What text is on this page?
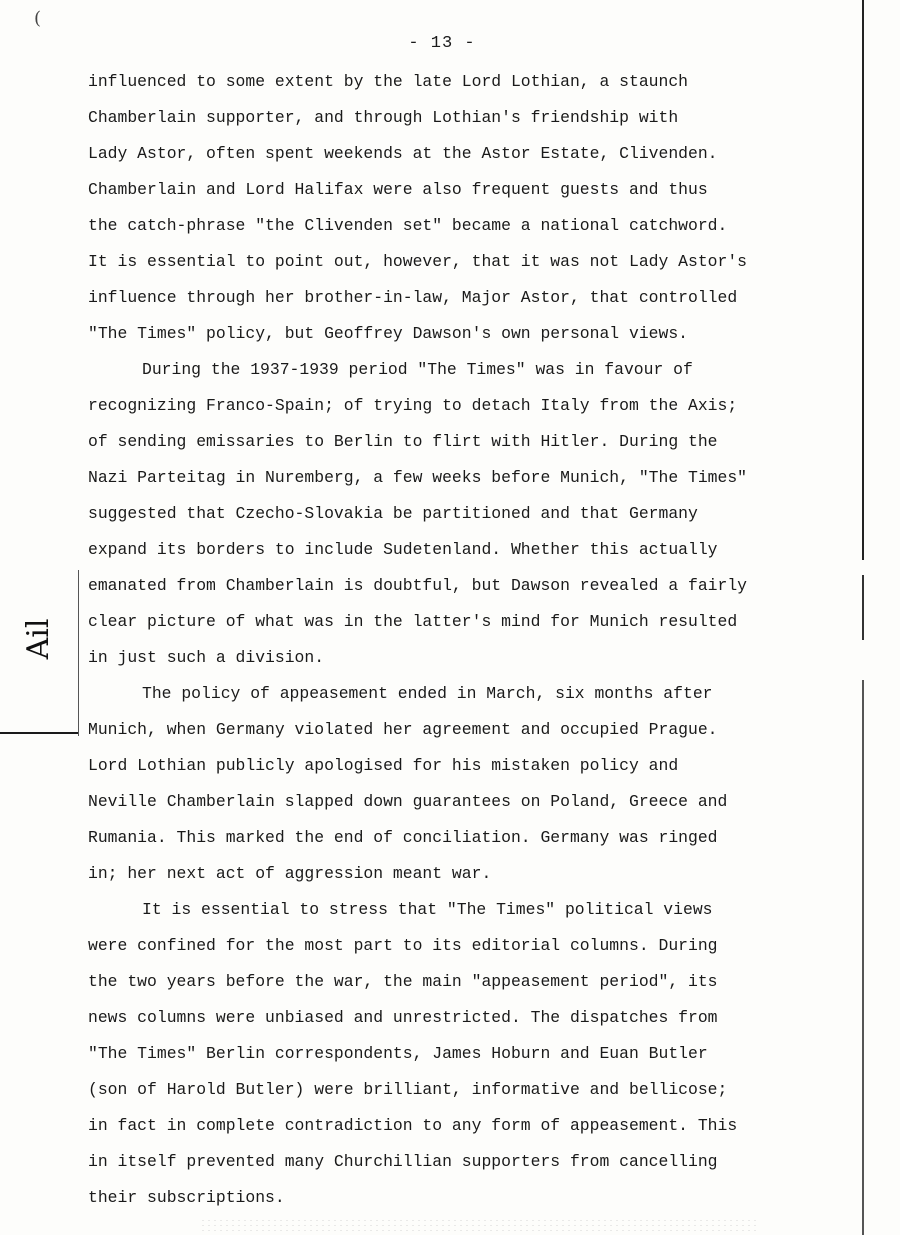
(
- 13 -
Ail
influenced to some extent by the late Lord Lothian, a staunch
Chamberlain supporter, and through Lothian's friendship with
Lady Astor, often spent weekends at the Astor Estate, Clivenden.
Chamberlain and Lord Halifax were also frequent guests and thus
the catch-phrase "the Clivenden set" became a national catchword.
It is essential to point out, however, that it was not Lady Astor's
influence through her brother-in-law, Major Astor, that controlled
"The Times" policy, but Geoffrey Dawson's own personal views.
During the 1937-1939 period "The Times" was in favour of
recognizing Franco-Spain; of trying to detach Italy from the Axis;
of sending emissaries to Berlin to flirt with Hitler. During the
Nazi Parteitag in Nuremberg, a few weeks before Munich, "The Times"
suggested that Czecho-Slovakia be partitioned and that Germany
expand its borders to include Sudetenland. Whether this actually
emanated from Chamberlain is doubtful, but Dawson revealed a fairly
clear picture of what was in the latter's mind for Munich resulted
in just such a division.
The policy of appeasement ended in March, six months after
Munich, when Germany violated her agreement and occupied Prague.
Lord Lothian publicly apologised for his mistaken policy and
Neville Chamberlain slapped down guarantees on Poland, Greece and
Rumania. This marked the end of conciliation. Germany was ringed
in; her next act of aggression meant war.
It is essential to stress that "The Times" political views
were confined for the most part to its editorial columns. During
the two years before the war, the main "appeasement period", its
news columns were unbiased and unrestricted. The dispatches from
"The Times" Berlin correspondents, James Hoburn and Euan Butler
(son of Harold Butler) were brilliant, informative and bellicose;
in fact in complete contradiction to any form of appeasement. This
in itself prevented many Churchillian supporters from cancelling
their subscriptions.
